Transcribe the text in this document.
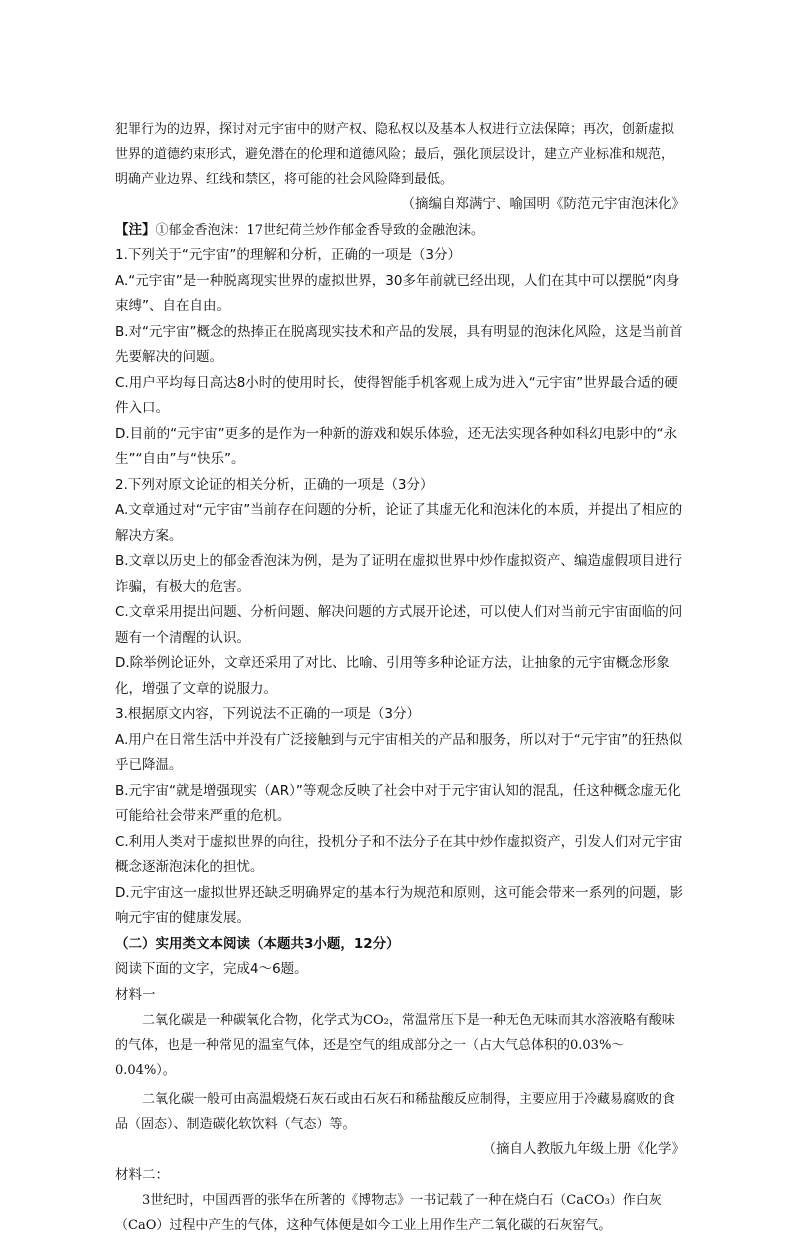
犯罪行为的边界，探讨对元宇宙中的财产权、隐私权以及基本人权进行立法保障；再次，创新虚拟世界的道德约束形式，避免潜在的伦理和道德风险；最后，强化顶层设计，建立产业标准和规范，明确产业边界、红线和禁区，将可能的社会风险降到最低。

（摘编自郑满宁、喻国明《防范元宇宙泡沫化》

【注】①郁金香泡沫：17世纪荷兰炒作郁金香导致的金融泡沫。

1.下列关于“元宇宙”的理解和分析，正确的一项是（3分）

A.“元宇宙”是一种脱离现实世界的虚拟世界，30多年前就已经出现，人们在其中可以摆脱“肉身束缚”、自在自由。

B.对“元宇宙”概念的热捧正在脱离现实技术和产品的发展，具有明显的泡沫化风险，这是当前首先要解决的问题。

C.用户平均每日高达8小时的使用时长，使得智能手机客观上成为进入“元宇宙”世界最合适的硬件入口。

D.目前的“元宇宙”更多的是作为一种新的游戏和娱乐体验，还无法实现各种如科幻电影中的“永生”“自由”与“快乐”。

2.下列对原文论证的相关分析，正确的一项是（3分）

A.文章通过对“元宇宙”当前存在问题的分析，论证了其虚无化和泡沫化的本质，并提出了相应的解决方案。

B.文章以历史上的郁金香泡沫为例，是为了证明在虚拟世界中炒作虚拟资产、编造虚假项目进行诈骗，有极大的危害。

C.文章采用提出问题、分析问题、解决问题的方式展开论述，可以使人们对当前元宇宙面临的问题有一个清醒的认识。

D.除举例论证外，文章还采用了对比、比喻、引用等多种论证方法，让抽象的元宇宙概念形象化，增强了文章的说服力。

3.根据原文内容，下列说法不正确的一项是（3分）

A.用户在日常生活中并没有广泛接触到与元宇宙相关的产品和服务，所以对于“元宇宙”的狂热似乎已降温。

B.元宇宙“就是增强现实（AR）”等观念反映了社会中对于元宇宙认知的混乱，任这种概念虚无化可能给社会带来严重的危机。

C.利用人类对于虚拟世界的向往，投机分子和不法分子在其中炒作虚拟资产，引发人们对元宇宙概念逐渐泡沫化的担忧。

D.元宇宙这一虚拟世界还缺乏明确界定的基本行为规范和原则，这可能会带来一系列的问题，影响元宇宙的健康发展。

（二）实用类文本阅读（本题共3小题，12分）

阅读下面的文字，完成4～6题。

材料一

二氧化碳是一种碳氧化合物，化学式为CO₂，常温常压下是一种无色无味而其水溶液略有酸味的气体，也是一种常见的温室气体，还是空气的组成部分之一（占大气总体积的0.03%～0.04%）。

二氧化碳一般可由高温煅烧石灰石或由石灰石和稀盐酸反应制得，主要应用于冷藏易腐败的食品（固态）、制造碳化软饮料（气态）等。

（摘自人教版九年级上册《化学》

材料二：

3世纪时，中国西晋的张华在所著的《博物志》一书记载了一种在烧白石（CaCO₃）作白灰（CaO）过程中产生的气体，这种气体便是如今工业上用作生产二氧化碳的石灰窑气。
